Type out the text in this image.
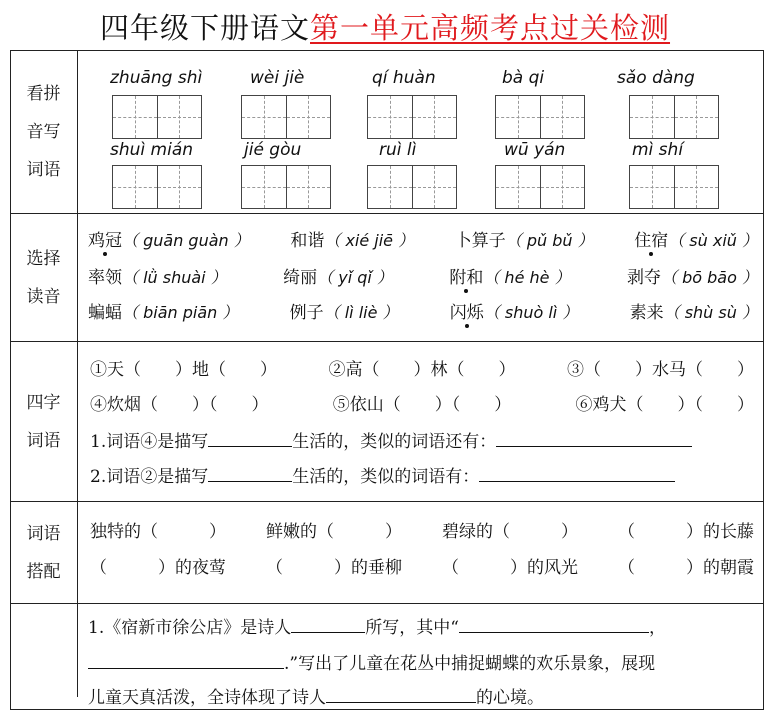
四年级下册语文第一单元高频考点过关检测
看拼
音写
词语
选择
读音
四字
词语
词语
搭配
zhuāng shì	wèi jiè	qí huàn	bà qi	sǎo dàng
shuì mián	jié gòu	ruì lì	wū yán	mì shí
鸡冠（ guān guàn ） 和谐（ xié jiē ） 卜算子（ pǔ bǔ ） 住宿（ sù xiǔ ）
率领（ lǜ shuài ）	绮丽（ yǐ qǐ ）	附和（ hé hè ）	剥夺（ bō bāo ）
蝙蝠（ biān piān ）	例子（ lì liè ）	闪烁（ shuò lì ）	素来（ shù sù ）
①天（　　）地（　　）	②高（　　）林（　　）	③（　　）水马（　　）
④炊烟（　　）（　　）	⑤依山（　　）（　　）	⑥鸡犬（　　）（　　）
1.词语④是描写	生活的，类似的词语还有：
2.词语②是描写	生活的，类似的词语有：
独特的（　　　） 鲜嫩的（　　　） 碧绿的（　　　） （　　　）的长藤
（　　　）的夜莺 （　　　）的垂柳 （　　　）的风光 （　　　）的朝霞
1.《宿新市徐公店》是诗人	所写，其中“	，
.”写出了儿童在花丛中捕捉蝴蝶的欢乐景象，展现
儿童天真活泼，全诗体现了诗人	的心境。
